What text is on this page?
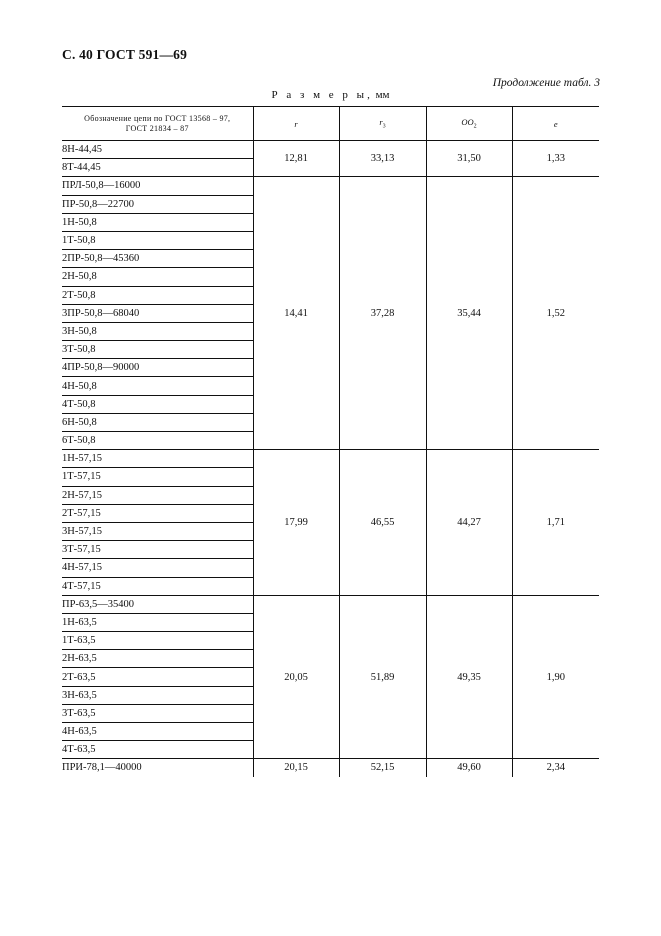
С. 40 ГОСТ 591—69
Продолжение табл. 3
Р а з м е р ы, мм
Обозначение цепи по ГОСТ 13568 – 97,
ГОСТ 21834 – 87	r	$r_3$	$OO_2$	e
8Н-44,45	12,81	33,13	31,50	1,33
8Т-44,45				
ПРЛ-50,8—16000	14,41	37,28	35,44	1,52
ПР-50,8—22700				
1Н-50,8				
1Т-50,8				
2ПР-50,8—45360				
2Н-50,8				
2Т-50,8				
3ПР-50,8—68040				
3Н-50,8				
3Т-50,8				
4ПР-50,8—90000				
4Н-50,8				
4Т-50,8				
6Н-50,8				
6Т-50,8				
1Н-57,15	17,99	46,55	44,27	1,71
1Т-57,15				
2Н-57,15				
2Т-57,15				
3Н-57,15				
3Т-57,15				
4Н-57,15				
4Т-57,15				
ПР-63,5—35400	20,05	51,89	49,35	1,90
1Н-63,5				
1Т-63,5				
2Н-63,5				
2Т-63,5				
3Н-63,5				
3Т-63,5				
4Н-63,5				
4Т-63,5				
ПРИ-78,1—40000	20,15	52,15	49,60	2,34
